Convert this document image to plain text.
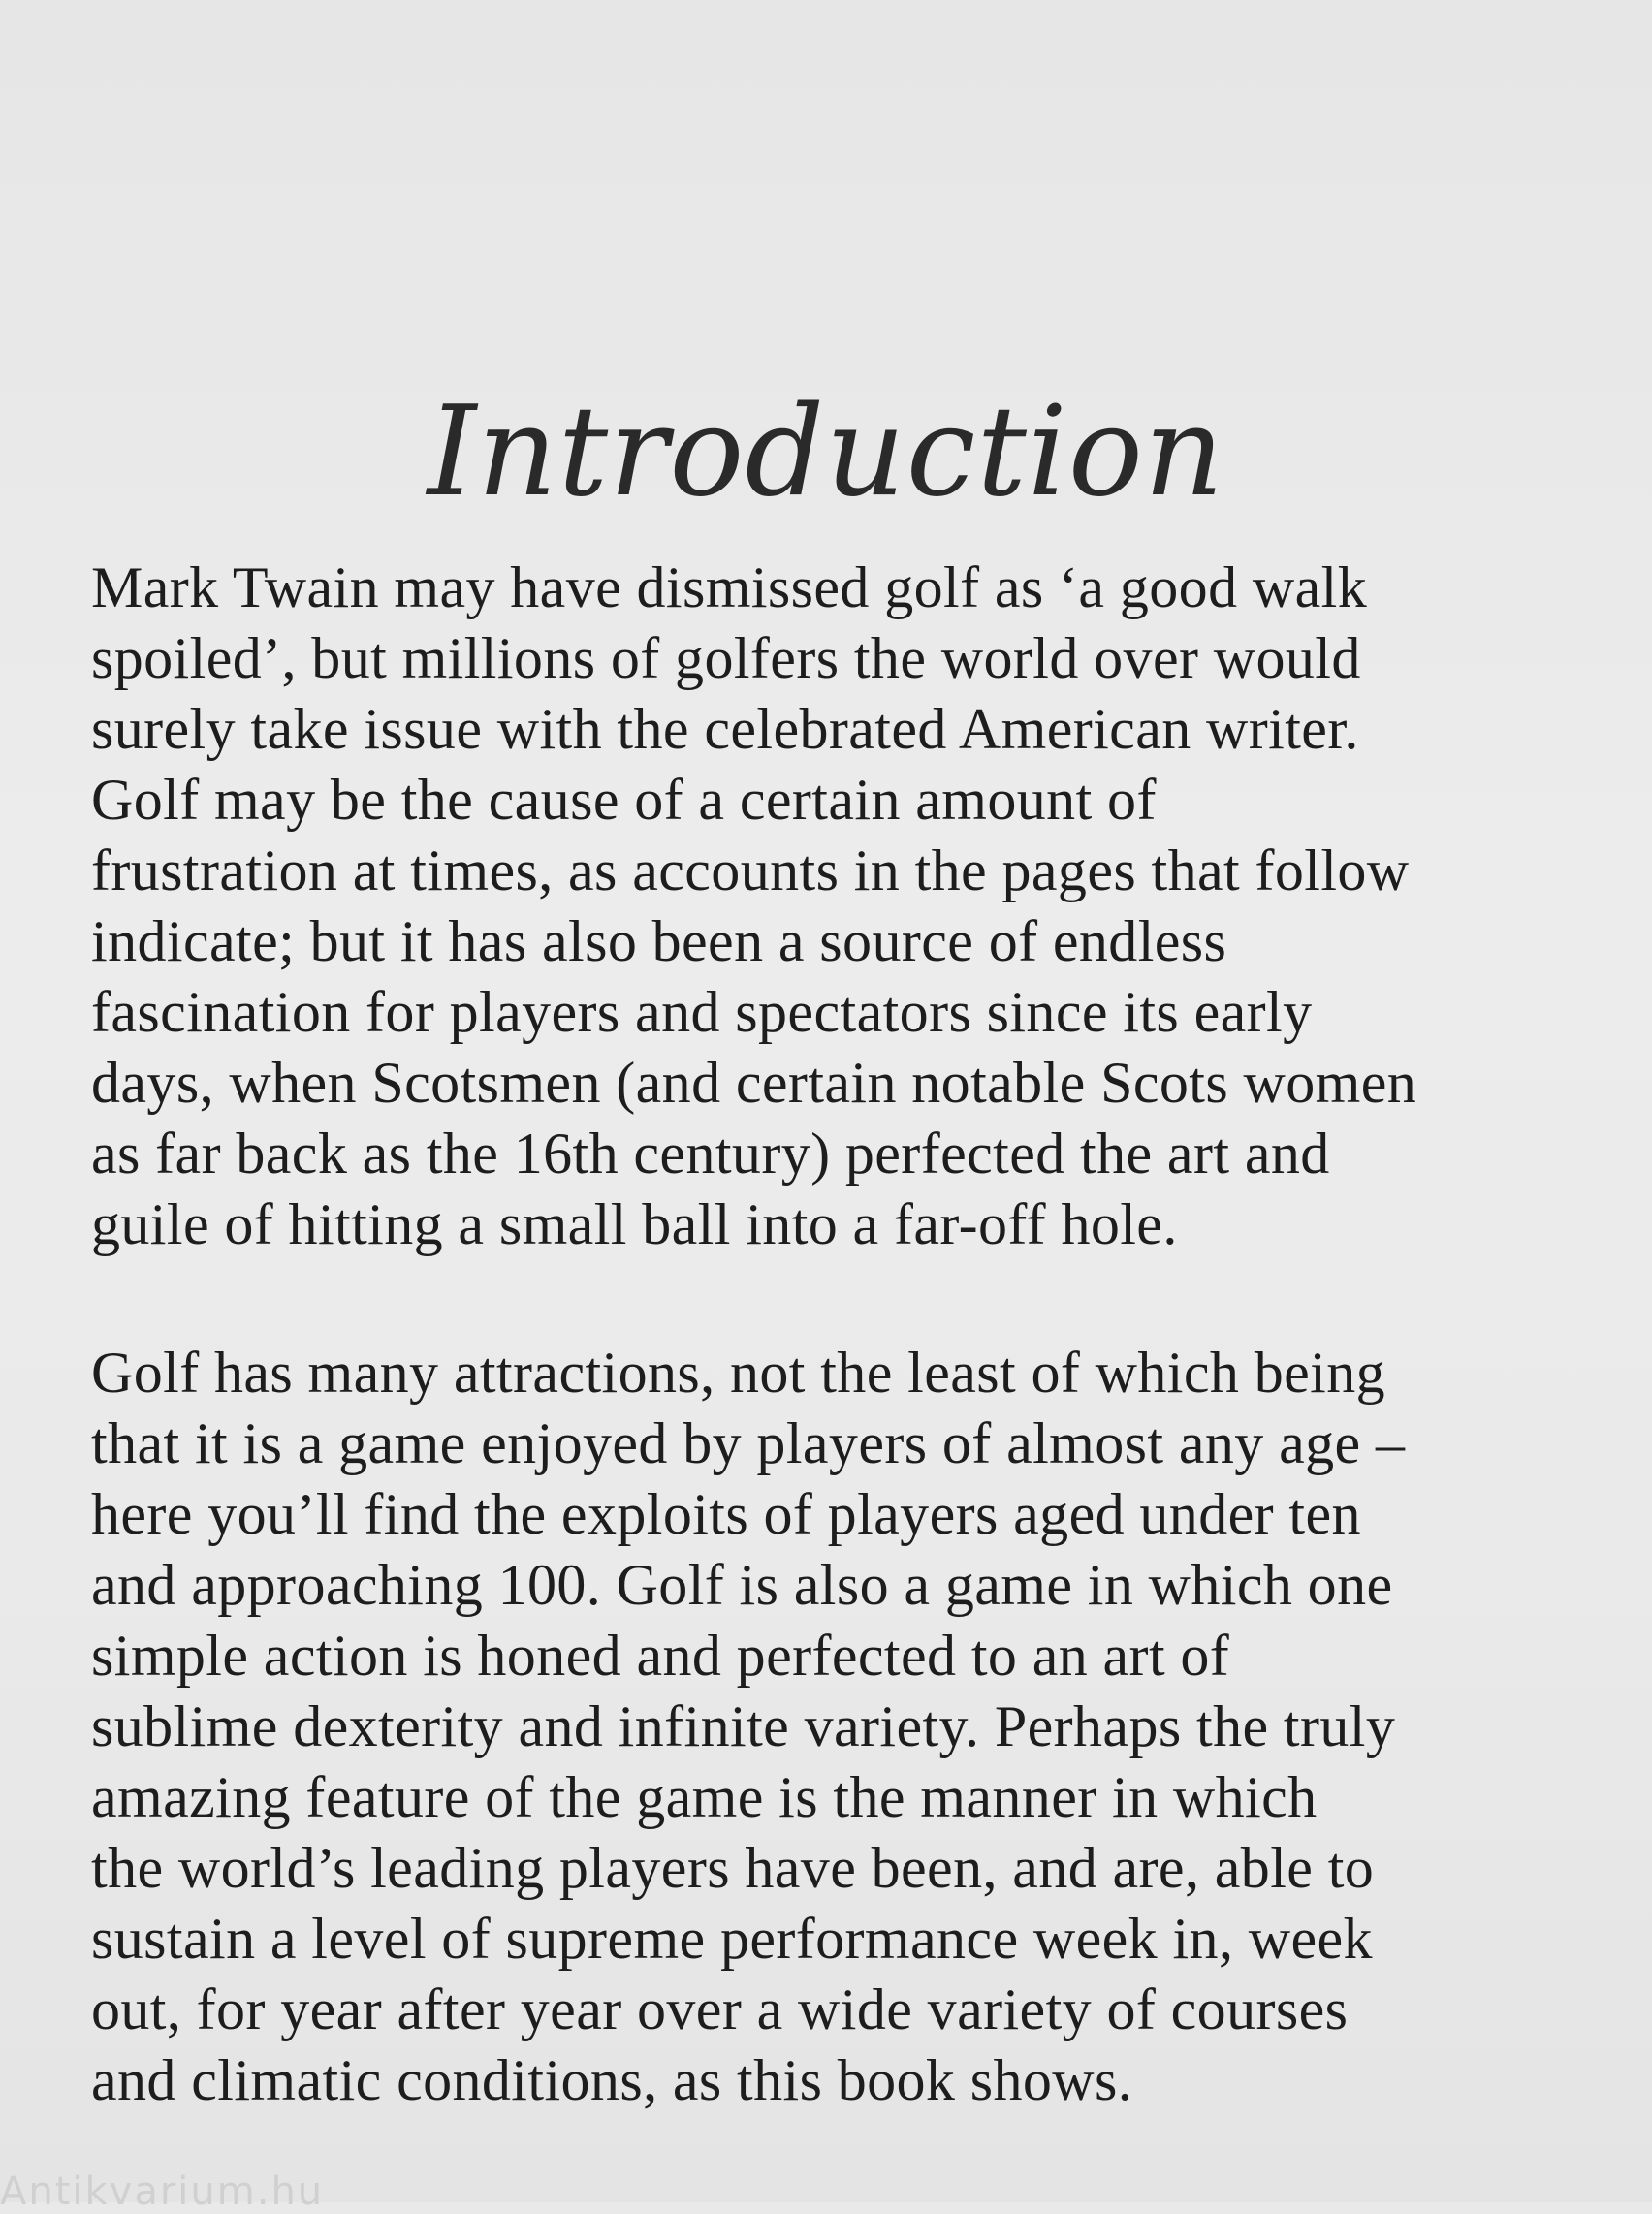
Introduction
Mark Twain may have dismissed golf as ‘a good walk
spoiled’, but millions of golfers the world over would
surely take issue with the celebrated American writer.
Golf may be the cause of a certain amount of
frustration at times, as accounts in the pages that follow
indicate; but it has also been a source of endless
fascination for players and spectators since its early
days, when Scotsmen (and certain notable Scots women
as far back as the 16th century) perfected the art and
guile of hitting a small ball into a far-off hole.
Golf has many attractions, not the least of which being
that it is a game enjoyed by players of almost any age –
here you’ll find the exploits of players aged under ten
and approaching 100. Golf is also a game in which one
simple action is honed and perfected to an art of
sublime dexterity and infinite variety. Perhaps the truly
amazing feature of the game is the manner in which
the world’s leading players have been, and are, able to
sustain a level of supreme performance week in, week
out, for year after year over a wide variety of courses
and climatic conditions, as this book shows.
Antikvarium.hu
